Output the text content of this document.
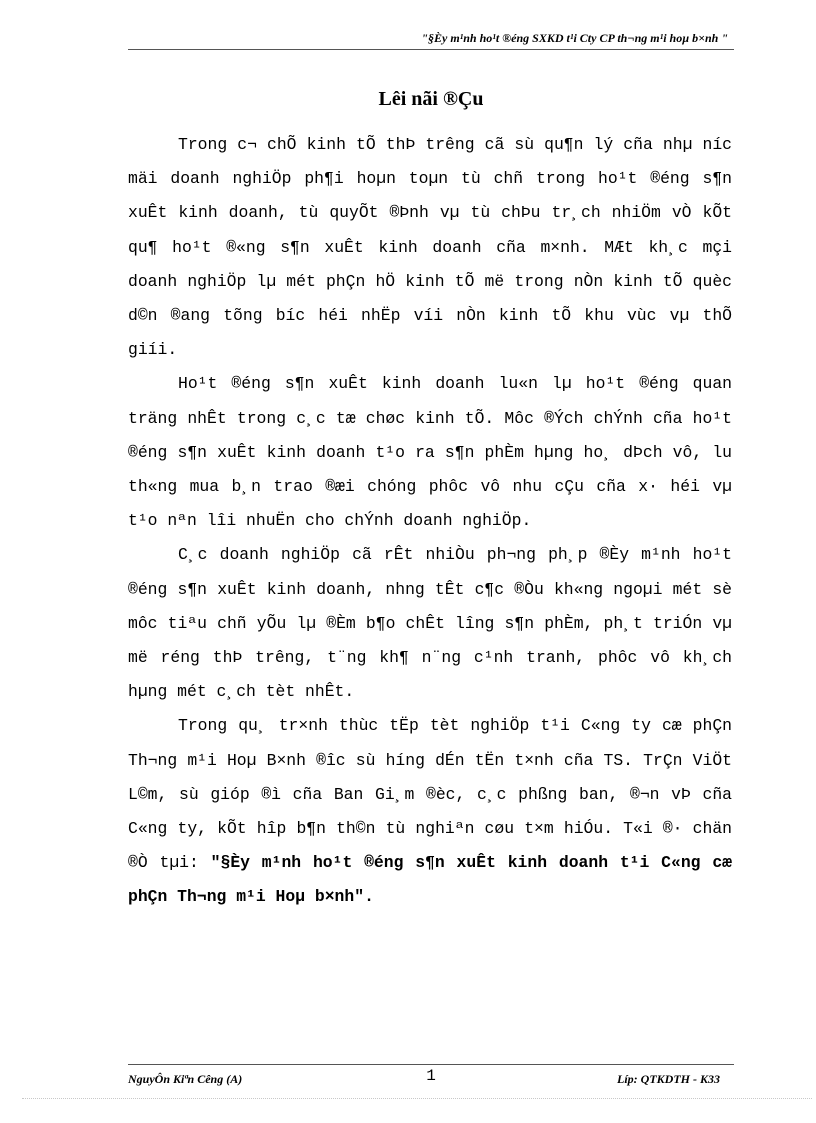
"§Èy m¹nh ho¹t ®éng SXKD t¹i Cty CP th¬ng m¹i hoµ b×nh "
Lêi nãi ®Çu

Trong c¬ chÕ kinh tÕ thÞ trêng cã sù qu¶n lý cña nhµ níc mäi doanh nghiÖp ph¶i hoµn toµn tù chñ trong ho¹t ®éng s¶n xuÊt kinh doanh, tù quyÕt ®Þnh vµ tù chÞu tr¸ch nhiÖm vÒ kÕt qu¶ ho¹t ®«ng s¶n xuÊt kinh doanh cña m×nh. MÆt kh¸c mçi doanh nghiÖp lµ mét phÇn hÖ kinh tÕ më trong nÒn kinh tÕ quèc d©n ®ang tõng bíc héi nhËp víi nÒn kinh tÕ khu vùc vµ thÕ giíi.

Ho¹t ®éng s¶n xuÊt kinh doanh lu«n lµ ho¹t ®éng quan träng nhÊt trong c¸c tæ chøc kinh tÕ. Môc ®Ých chÝnh cña ho¹t ®éng s¶n xuÊt kinh doanh t¹o ra s¶n phÈm hµng ho¸ dÞch vô, lu th«ng mua b¸n trao ®æi chóng phôc vô nhu cÇu cña x· héi vµ t¹o nªn lîi nhuËn cho chÝnh doanh nghiÖp.

C¸c doanh nghiÖp cã rÊt nhiÒu ph¬ng ph¸p ®Èy m¹nh ho¹t ®éng s¶n xuÊt kinh doanh, nhng tÊt c¶c ®Òu kh«ng ngoµi mét sè môc tiªu chñ yÕu lµ ®Èm b¶o chÊt lîng s¶n phÈm, ph¸t triÓn vµ më réng thÞ trêng, t¨ng kh¶ n¨ng c¹nh tranh, phôc vô kh¸ch hµng mét c¸ch tèt nhÊt.

Trong qu¸ tr×nh thùc tËp tèt nghiÖp t¹i C«ng ty cæ phÇn Th¬ng m¹i Hoµ B×nh ®îc sù híng dÉn tËn t×nh cña TS. TrÇn ViÖt L©m, sù gióp ®ì cña Ban Gi¸m ®èc, c¸c phßng ban, ®¬n vÞ cña C«ng ty, kÕt hîp b¶n th©n tù nghiªn cøu t×m hiÓu. T«i ®· chän ®Ò tµi: "§Èy m¹nh ho¹t ®éng s¶n xuÊt kinh doanh t¹i C«ng cæ phÇn Th¬ng m¹i Hoµ b×nh".

NguyÔn Kiªn Cêng (A)	1	Líp: QTKDTH - K33
